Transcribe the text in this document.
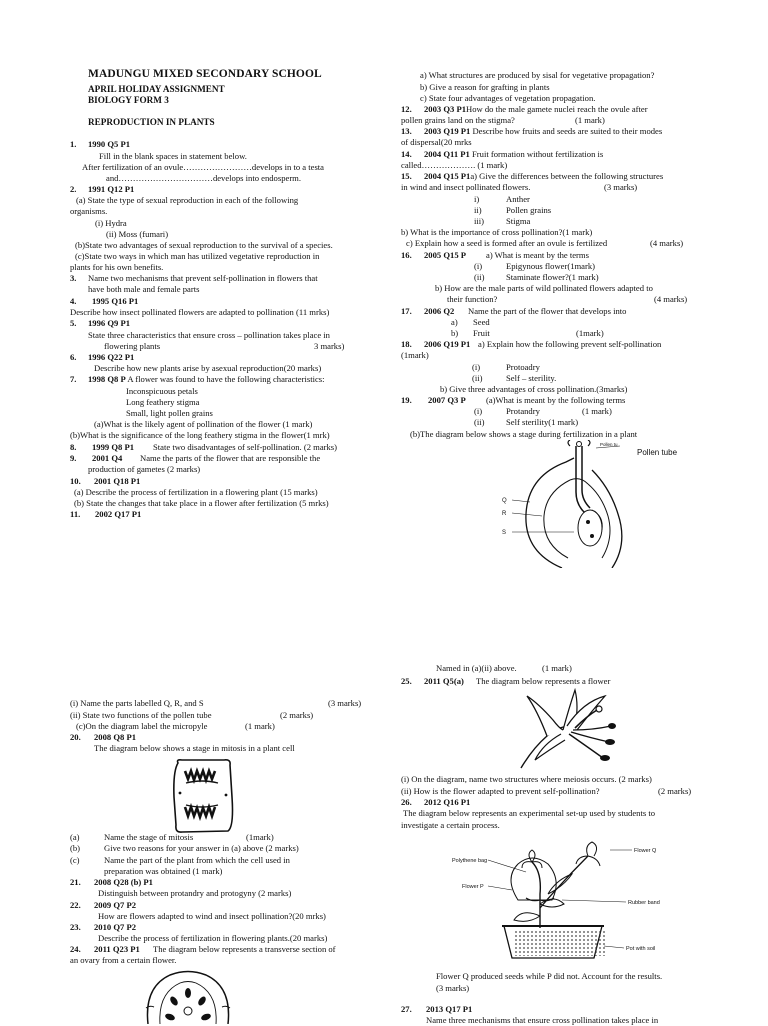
MADUNGU MIXED SECONDARY SCHOOL
APRIL HOLIDAY ASSIGNMENT
BIOLOGY FORM 3
REPRODUCTION IN PLANTS
1. 1990 Q5 P1
Fill in the blank spaces in statement below.
After fertilization of an ovule……………………develops in to a testa
and……………………………develops into endosperm.
2. 1991 Q12 P1
(a) State the type of sexual reproduction in each of the following
organisms.
(i) Hydra
(ii) Moss (fumari)
(b)State two advantages of sexual reproduction to the survival of a species.
(c)State two ways in which man has utilized vegetative reproduction in
plants for his own benefits.
3. Name two mechanisms that prevent self-pollination in flowers that
have both male and female parts
4. 1995 Q16 P1
Describe how insect pollinated flowers are adapted to pollination (11 mrks)
5. 1996 Q9 P1
State three characteristics that ensure cross – pollination takes place in
flowering plants	3 marks)
6. 1996 Q22 P1
Describe how new plants arise by asexual reproduction(20 marks)
7. 1998 Q8 P A flower was found to have the following characteristics:
Inconspicuous petals
Long feathery stigma
Small, light pollen grains
(a)What is the likely agent of pollination of the flower (1 mark)
(b)What is the significance of the long feathery stigma in the flower(1 mrk)
8. 1999 Q8 P1 State two disadvantages of self-pollination. (2 marks)
9. 2001 Q4 Name the parts of the flower that are responsible the
production of gametes (2 marks)
10. 2001 Q18 P1
(a) Describe the process of fertilization in a flowering plant (15 marks)
(b) State the changes that take place in a flower after fertilization (5 mrks)
11. 2002 Q17 P1
(i) Name the parts labelled Q, R, and S	(3 marks)
(ii) State two functions of the pollen tube	(2 marks)
(c)On the diagram label the micropyle	(1 mark)
20. 2008 Q8 P1
The diagram below shows a stage in mitosis in a plant cell
(a)	Name the stage of mitosis	(1mark)
(b)	Give two reasons for your answer in (a) above (2 marks)
(c)	Name the part of the plant from which the cell used in
preparation was obtained (1 mark)
21. 2008 Q28 (b) P1
Distinguish between protandry and protogyny (2 marks)
22. 2009 Q7 P2
How are flowers adapted to wind and insect pollination?(20 mrks)
23. 2010 Q7 P2
Describe the process of fertilization in flowering plants.(20 marks)
24. 2011 Q23 P1 The diagram below represents a transverse section of
an ovary from a certain flower.
a) What structures are produced by sisal for vegetative propagation?
b) Give a reason for grafting in plants
c) State four advantages of vegetation propagation.
12. 2003 Q3 P1How do the male gamete nuclei reach the ovule after
pollen grains land on the stigma?	(1 mark)
13. 2003 Q19 P1 Describe how fruits and seeds are suited to their modes
of dispersal(20 mrks
14. 2004 Q11 P1 Fruit formation without fertilization is
called………………. (1 mark)
15. 2004 Q15 P1a) Give the differences between the following structures
in wind and insect pollinated flowers.	(3 marks)
i)	Anther
ii)	Pollen grains
iii)	Stigma
b) What is the importance of cross pollination?(1 mark)
c) Explain how a seed is formed after an ovule is fertilized	(4 marks)
16. 2005 Q15 P a) What is meant by the terms
(i)	Epigynous flower(1mark)
(ii)	Staminate flower?(1 mark)
b) How are the male parts of wild pollinated flowers adapted to
their function?	(4 marks)
17. 2006 Q2 Name the part of the flower that develops into
a) Seed
b) Fruit	(1mark)
18. 2006 Q19 P1 a) Explain how the following prevent self-pollination
(1mark)
(i)	Protoadry
(ii)	Self – sterility.
b) Give three advantages of cross pollination.(3marks)
19. 2007 Q3 P (a)What is meant by the following terms
(i)	Protandry	(1 mark)
(ii)	Self sterility(1 mark)
(b)The diagram below shows a stage during fertilization in a plant
Q
R
S
Pollen tu
Pollen tube
Named in (a)(ii) above.	(1 mark)
25. 2011 Q5(a) The diagram below represents a flower
(i) On the diagram, name two structures where meiosis occurs. (2 marks)
(ii) How is the flower adapted to prevent self-pollination?	(2 marks)
26. 2012 Q16 P1
The diagram below represents an experimental set-up used by students to
investigate a certain process.
Polythene bag
Flower P
Flower Q
Rubber band
Pot with soil
Flower Q produced seeds while P did not. Account for the results.
(3 marks)
27. 2013 Q17 P1
Name three mechanisms that ensure cross pollination takes place in
